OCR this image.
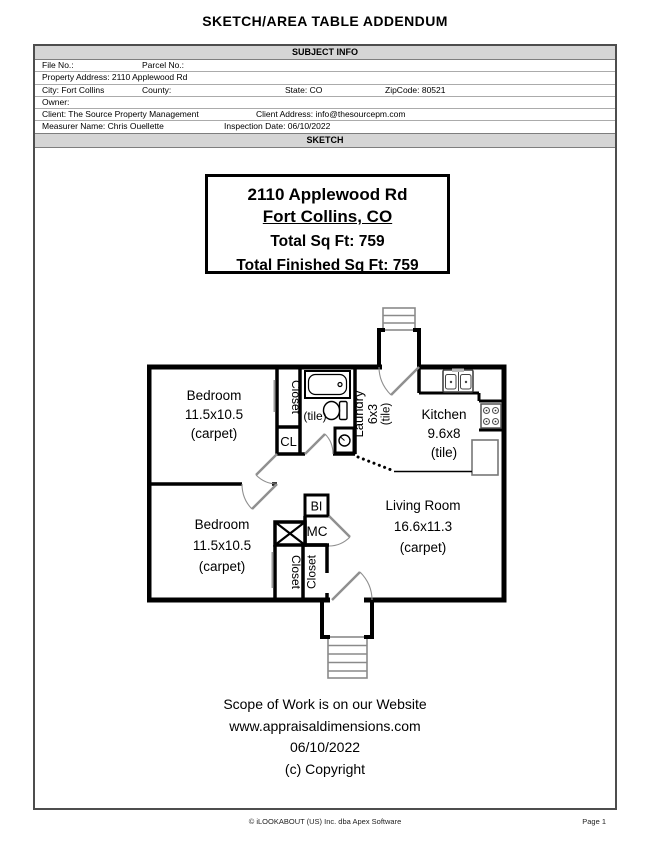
SKETCH/AREA TABLE ADDENDUM
SUBJECT INFO
File No.:	Parcel No.:
Property Address: 2110 Applewood Rd
City: Fort Collins	County:	State: CO	ZipCode: 80521
Owner:
Client: The Source Property Management	Client Address: info@thesourcepm.com
Measurer Name: Chris Ouellette	Inspection Date: 06/10/2022
SKETCH
2110 Applewood Rd
Fort Collins, CO
Total Sq Ft: 759
Total Finished Sq Ft: 759
Bedroom
11.5x10.5
(carpet)
Closet
CL
(tile) Laundry 6x3 (tile) Kitchen
9.6x8
(tile)
BI
MC
Living Room
16.6x11.3
(carpet)
Bedroom
11.5x10.5
(carpet)	Closet Closet
Scope of Work is on our Website
www.appraisaldimensions.com
06/10/2022
(c) Copyright
© iLOOKABOUT (US) Inc. dba Apex Software	Page 1
